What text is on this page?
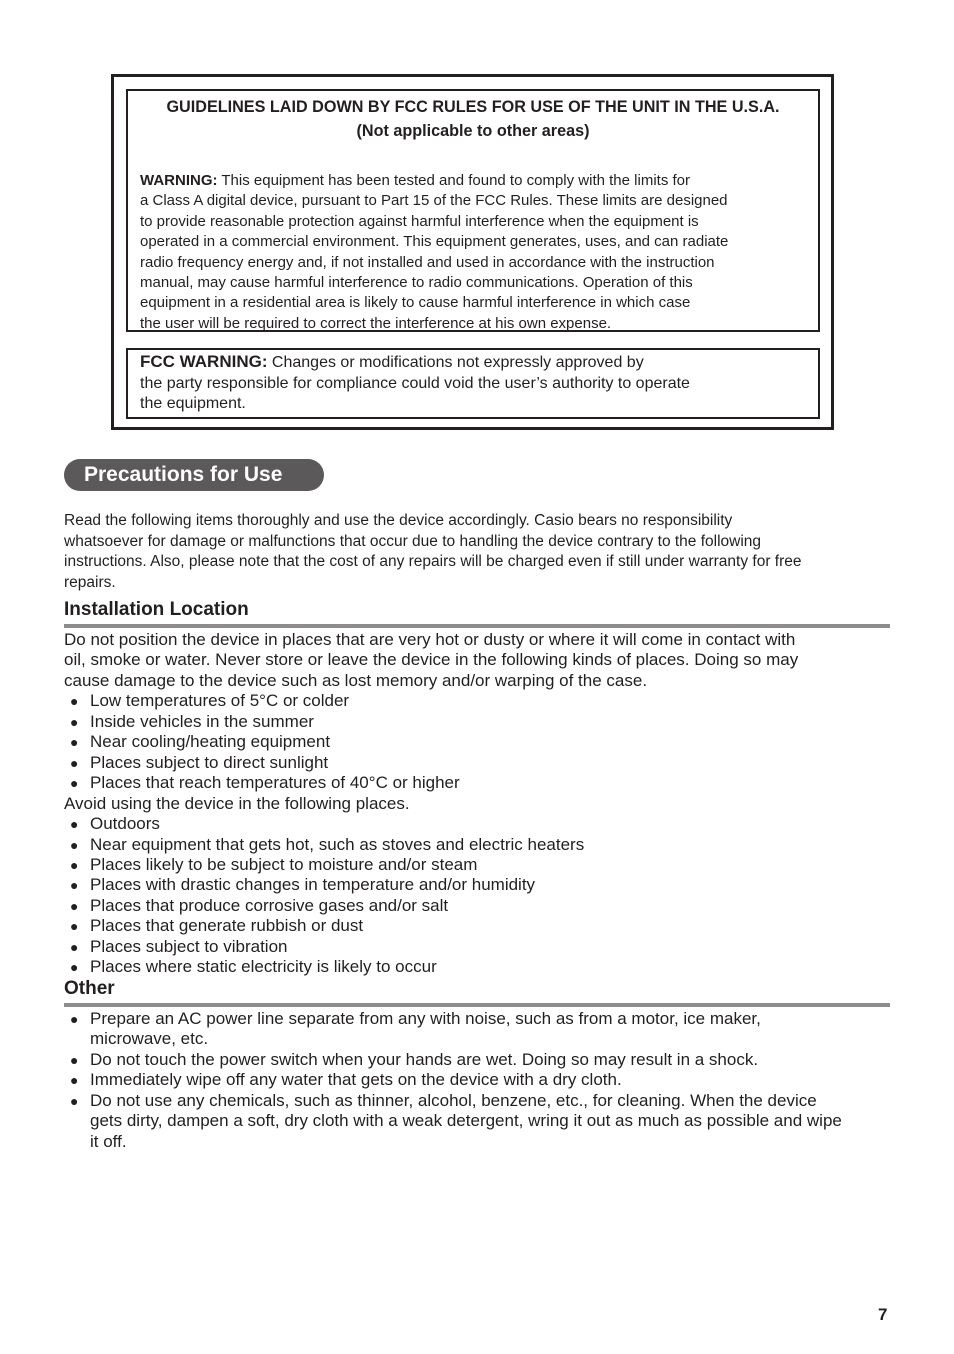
GUIDELINES LAID DOWN BY FCC RULES FOR USE OF THE UNIT IN THE U.S.A.
(Not applicable to other areas)
WARNING: This equipment has been tested and found to comply with the limits for
a Class A digital device, pursuant to Part 15 of the FCC Rules. These limits are designed
to provide reasonable protection against harmful interference when the equipment is
operated in a commercial environment. This equipment generates, uses, and can radiate
radio frequency energy and, if not installed and used in accordance with the instruction
manual, may cause harmful interference to radio communications. Operation of this
equipment in a residential area is likely to cause harmful interference in which case
the user will be required to correct the interference at his own expense.
FCC WARNING: Changes or modifications not expressly approved by
the party responsible for compliance could void the user’s authority to operate
the equipment.
Precautions for Use
Read the following items thoroughly and use the device accordingly. Casio bears no responsibility
whatsoever for damage or malfunctions that occur due to handling the device contrary to the following
instructions. Also, please note that the cost of any repairs will be charged even if still under warranty for free
repairs.
Installation Location
Do not position the device in places that are very hot or dusty or where it will come in contact with
oil, smoke or water. Never store or leave the device in the following kinds of places. Doing so may
cause damage to the device such as lost memory and/or warping of the case.
● Low temperatures of 5°C or colder
● Inside vehicles in the summer
● Near cooling/heating equipment
● Places subject to direct sunlight
● Places that reach temperatures of 40°C or higher
Avoid using the device in the following places.
● Outdoors
● Near equipment that gets hot, such as stoves and electric heaters
● Places likely to be subject to moisture and/or steam
● Places with drastic changes in temperature and/or humidity
● Places that produce corrosive gases and/or salt
● Places that generate rubbish or dust
● Places subject to vibration
● Places where static electricity is likely to occur
Other
● Prepare an AC power line separate from any with noise, such as from a motor, ice maker,
microwave, etc.
● Do not touch the power switch when your hands are wet. Doing so may result in a shock.
● Immediately wipe off any water that gets on the device with a dry cloth.
● Do not use any chemicals, such as thinner, alcohol, benzene, etc., for cleaning. When the device
gets dirty, dampen a soft, dry cloth with a weak detergent, wring it out as much as possible and wipe
it off.
7
